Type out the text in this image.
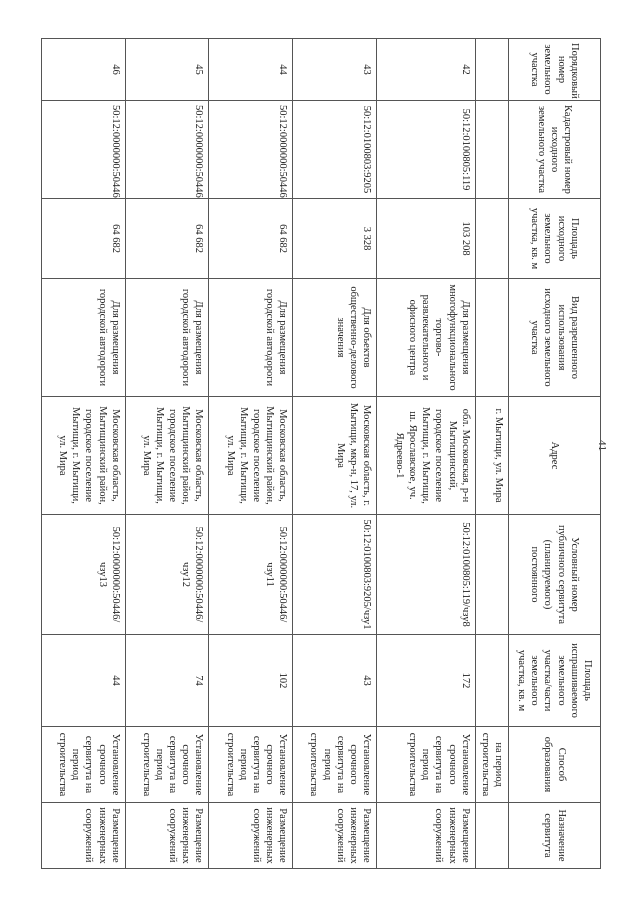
41
Порядковый номер земельного участка	Кадастровый номер исходного земельного участка	Площадь исходного земельного участка, кв. м	Вид разрешенного использования исходного земельного участка	Адрес	Условный номер публичного сервитута (планируемого) постоянного	Площадь испрашиваемого земельного участка/части земельного участка, кв. м	Способ образования	Назначение сервитута
				г. Мытищи, ул. Мира			на период строительства	
42	50:12:0100805:119	103 208	Для размещения многофункционального торгово-развлекательного и офисного центра	обл. Московская, р-н Мытищинский, городское поселение Мытищи, г. Мытищи, ш. Ярославское, уч. Ядреево-1	50:12:0100805:119/чзу8	172	Установление срочного сервитута на период строительства	Размещение инженерных сооружений
43	50:12:0100803:9205	3 328	Для объектов общественно-делового значения	Московская область, г. Мытищи, мкр-н, 17, ул. Мира	50:12:0100803:9205/чзу1	43	Установление срочного сервитута на период строительства	Размещение инженерных сооружений
44	50:12:0000000:50446	64 682	Для размещения городской автодороги	Московская область, Мытищинский район, городское поселение Мытищи, г. Мытищи, ул. Мира	50:12:0000000:50446/чзу11	102	Установление срочного сервитута на период строительства	Размещение инженерных сооружений
45	50:12:0000000:50446	64 682	Для размещения городской автодороги	Московская область, Мытищинский район, городское поселение Мытищи, г. Мытищи, ул. Мира	50:12:0000000:50446/чзу12	74	Установление срочного сервитута на период строительства	Размещение инженерных сооружений
46	50:12:0000000:50446	64 682	Для размещения городской автодороги	Московская область, Мытищинский район, городское поселение Мытищи, г. Мытищи, ул. Мира	50:12:0000000:50446/чзу13	44	Установление срочного сервитута на период строительства	Размещение инженерных сооружений
